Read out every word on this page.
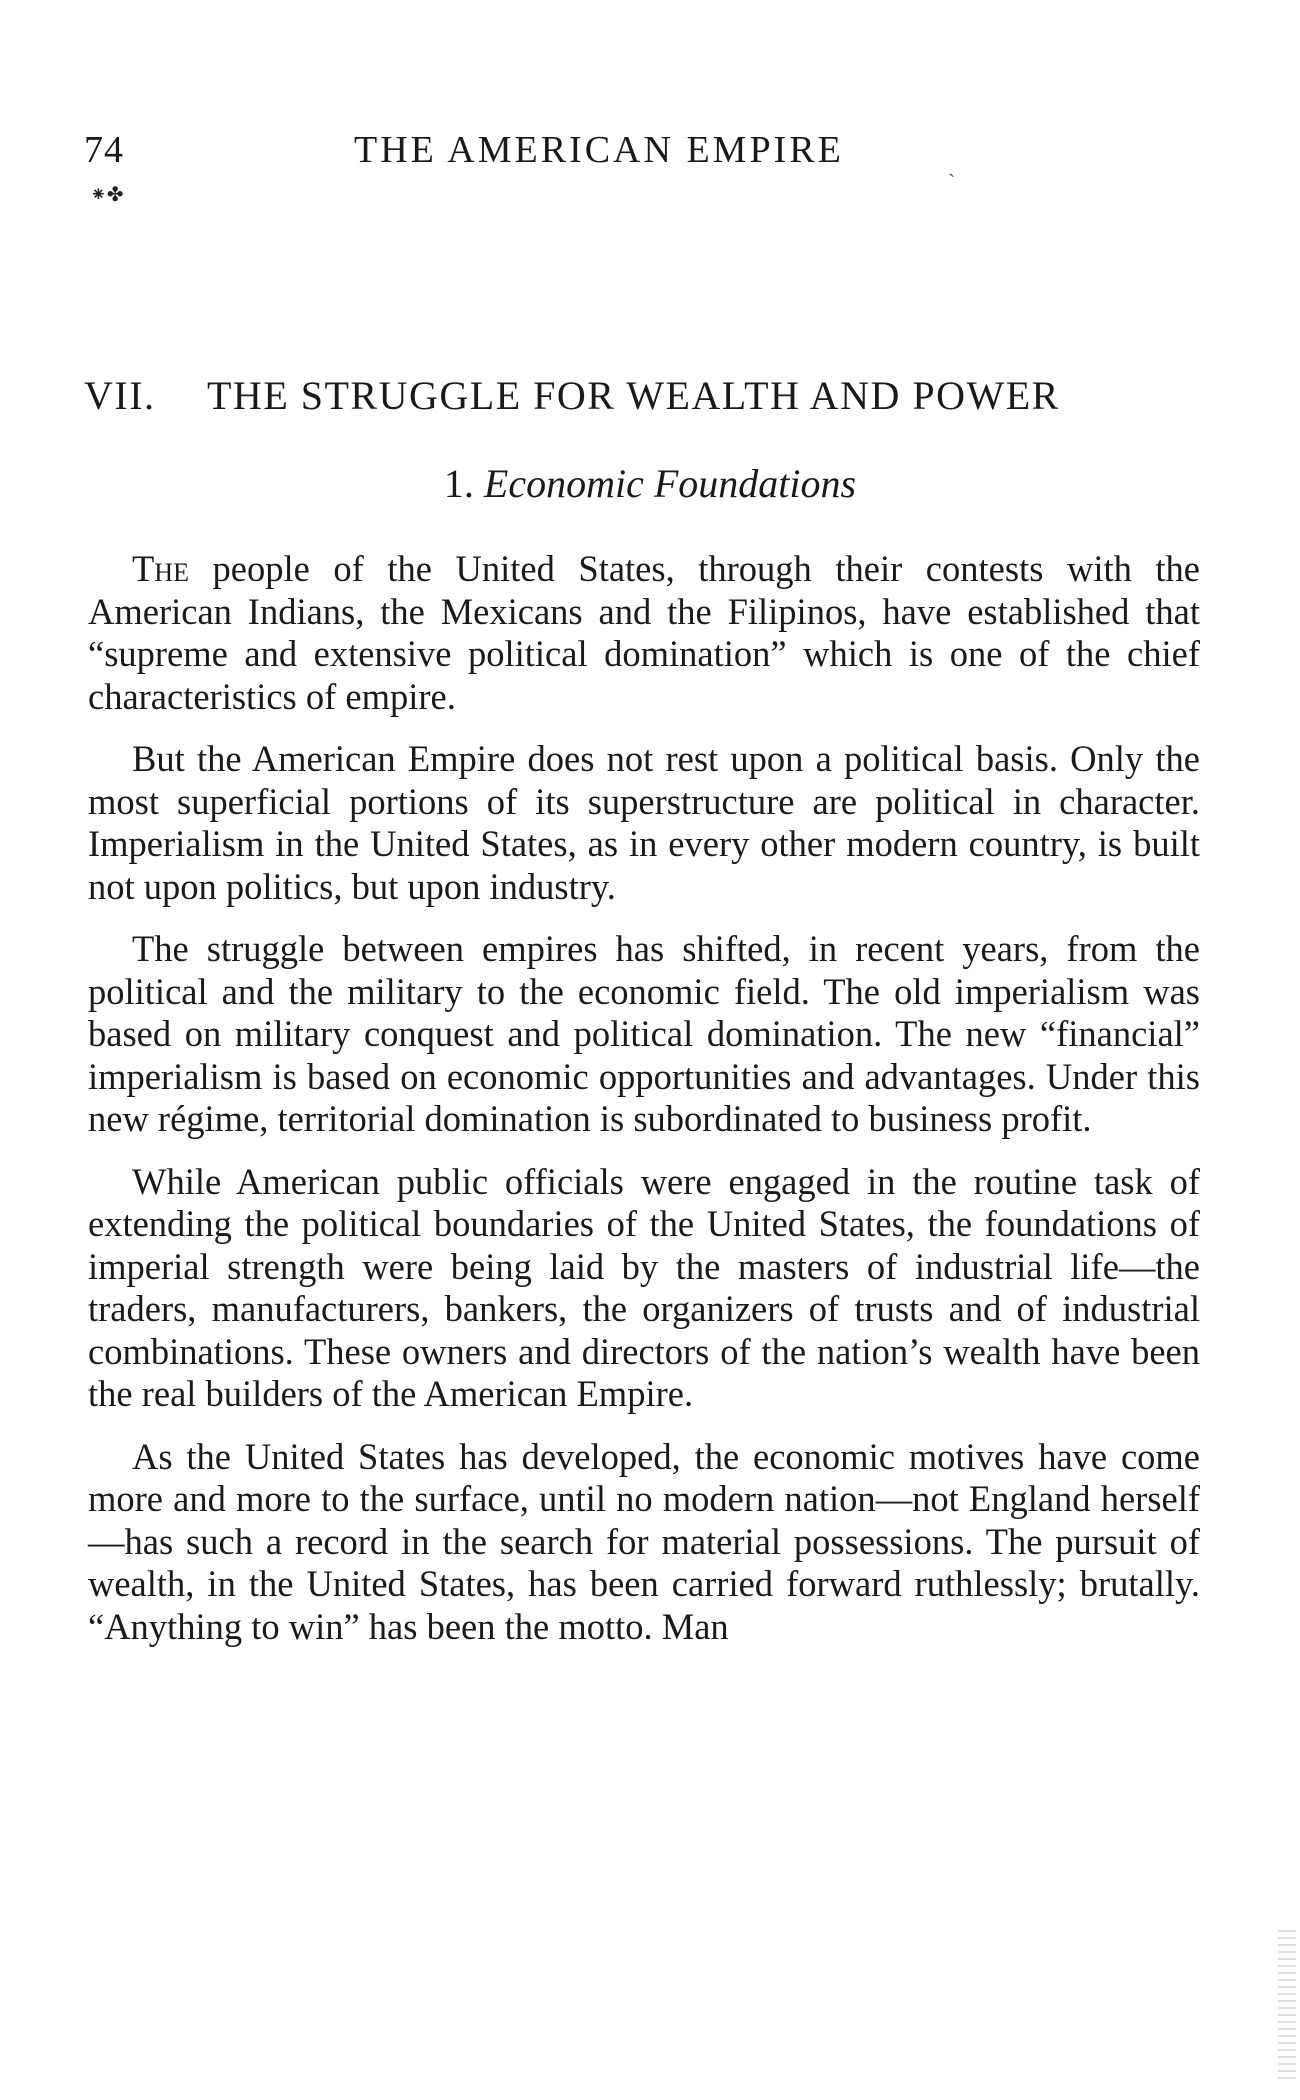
74	THE AMERICAN EMPIRE	ˎ
⁕✤
VII. THE STRUGGLE FOR WEALTH AND POWER
1. Economic Foundations

The people of the United States, through their contests with the American Indians, the Mexicans and the Filipinos, have established that “supreme and extensive political domination” which is one of the chief characteristics of empire.

But the American Empire does not rest upon a political basis. Only the most superficial portions of its superstructure are political in character. Imperialism in the United States, as in every other modern country, is built not upon politics, but upon industry.

The struggle between empires has shifted, in recent years, from the political and the military to the economic field. The old imperialism was based on military conquest and political domination. The new “financial” imperialism is based on economic opportunities and advantages. Under this new régime, territorial domination is subordinated to business profit.

While American public officials were engaged in the routine task of extending the political boundaries of the United States, the foundations of imperial strength were being laid by the masters of industrial life—the traders, manufacturers, bankers, the organizers of trusts and of industrial combinations. These owners and directors of the nation’s wealth have been the real builders of the American Empire.

As the United States has developed, the economic motives have come more and more to the surface, until no modern nation—not England herself—has such a record in the search for material possessions. The pursuit of wealth, in the United States, has been carried forward ruthlessly; brutally. “Anything to win” has been the motto. Man
